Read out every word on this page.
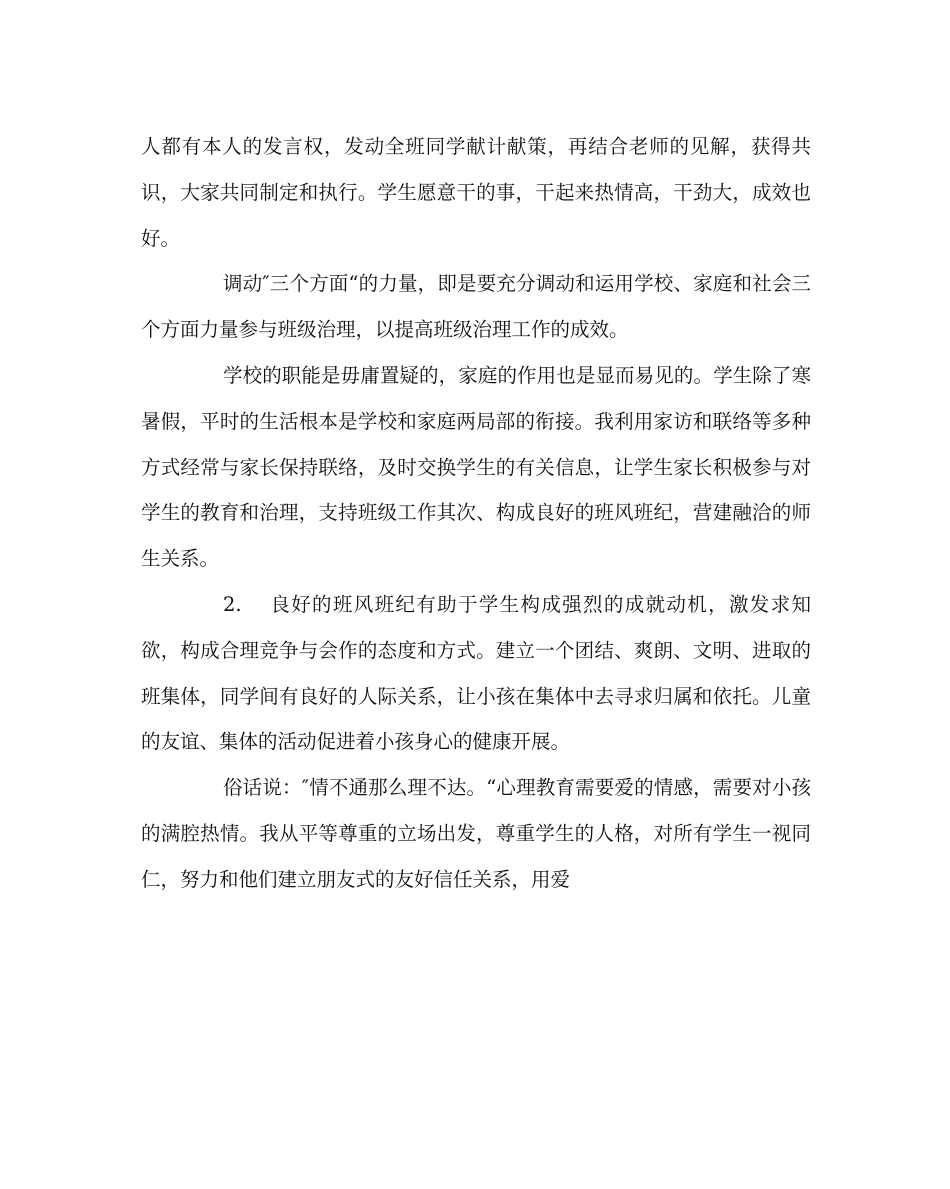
人都有本人的发言权，发动全班同学献计献策，再结合老师的见解，获得共识，大家共同制定和执行。学生愿意干的事，干起来热情高，干劲大，成效也好。

调动″三个方面“的力量，即是要充分调动和运用学校、家庭和社会三个方面力量参与班级治理，以提高班级治理工作的成效。

学校的职能是毋庸置疑的，家庭的作用也是显而易见的。学生除了寒暑假，平时的生活根本是学校和家庭两局部的衔接。我利用家访和联络等多种方式经常与家长保持联络，及时交换学生的有关信息，让学生家长积极参与对学生的教育和治理，支持班级工作其次、构成良好的班风班纪，营建融洽的师生关系。

2. 良好的班风班纪有助于学生构成强烈的成就动机，激发求知欲，构成合理竞争与会作的态度和方式。建立一个团结、爽朗、文明、进取的班集体，同学间有良好的人际关系，让小孩在集体中去寻求归属和依托。儿童的友谊、集体的活动促进着小孩身心的健康开展。

俗话说：″情不通那么理不达。“心理教育需要爱的情感，需要对小孩的满腔热情。我从平等尊重的立场出发，尊重学生的人格，对所有学生一视同仁，努力和他们建立朋友式的友好信任关系，用爱
